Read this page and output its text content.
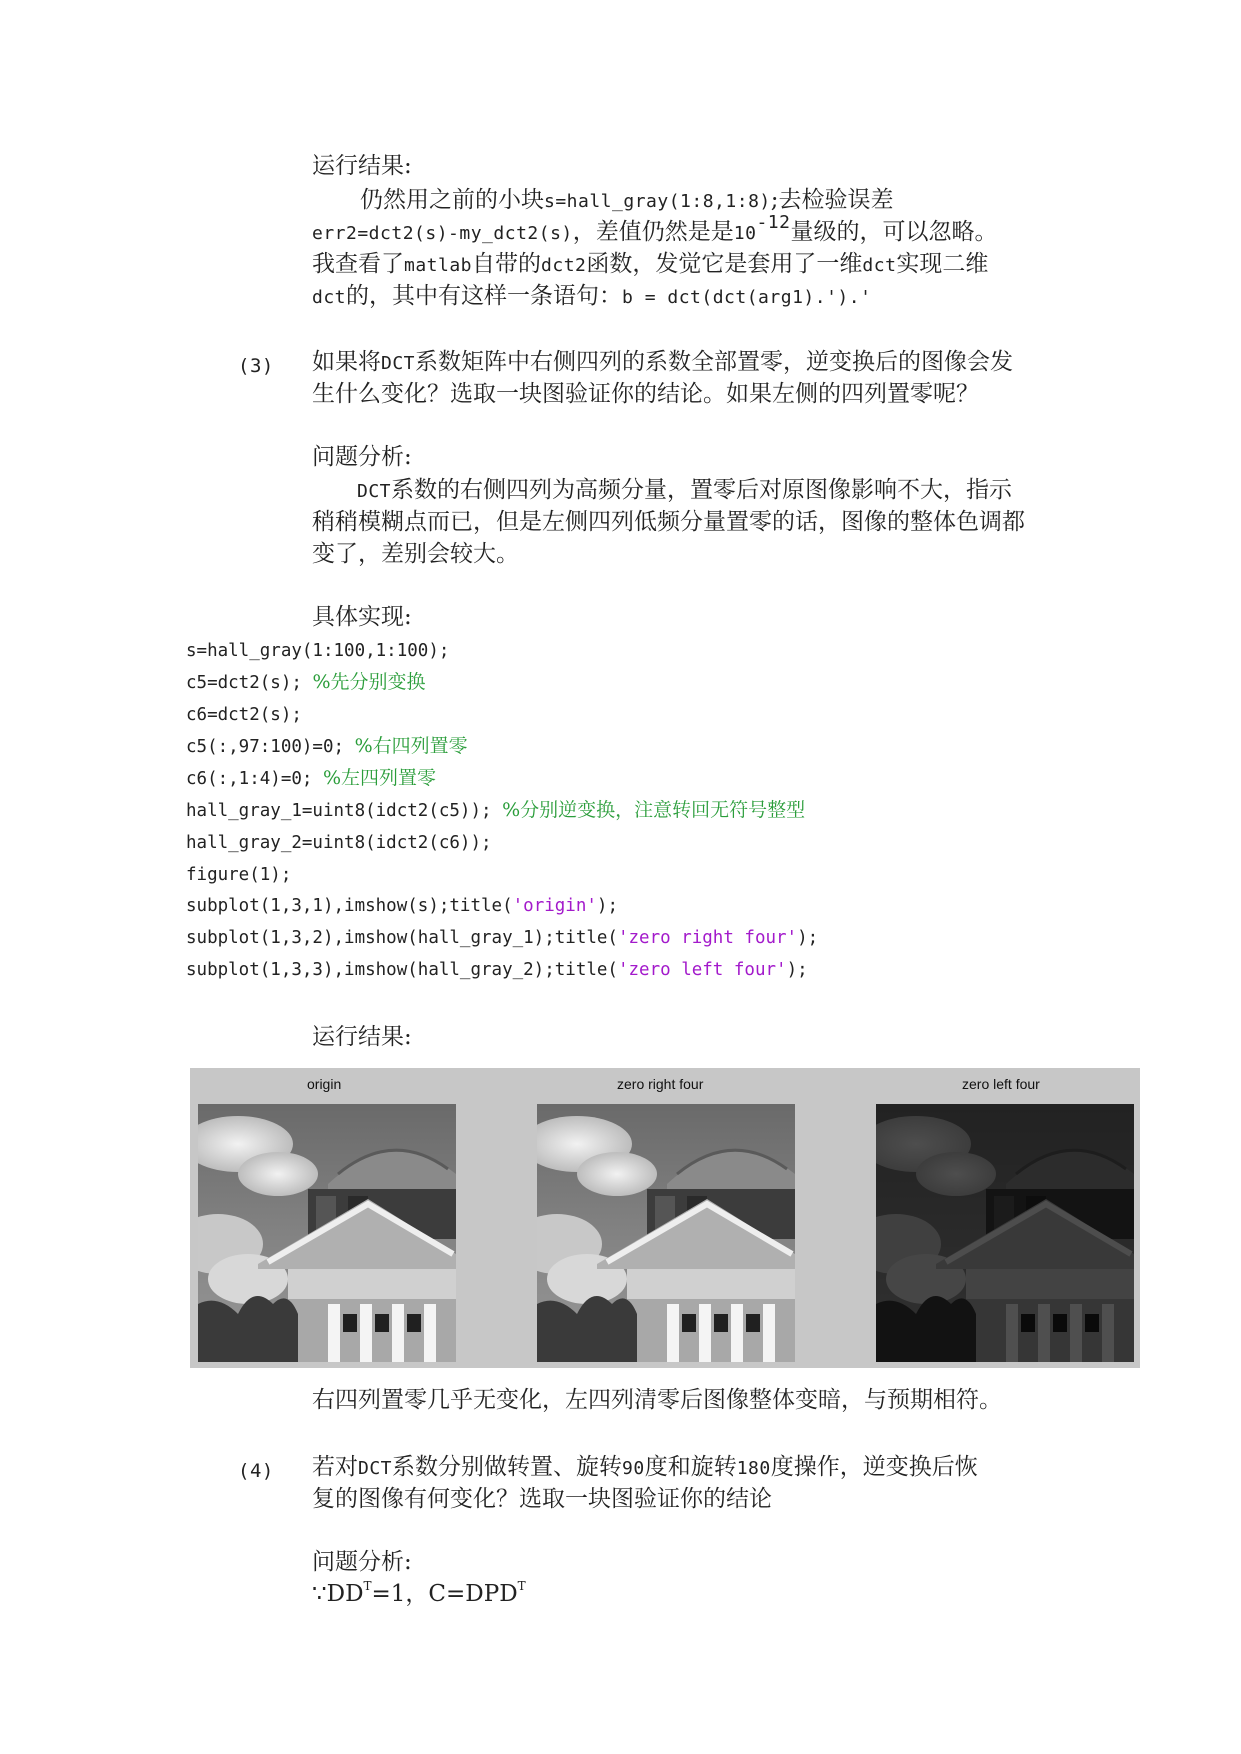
运行结果:
仍然用之前的小块s=hall_gray(1:8,1:8);去检验误差
err2=dct2(s)-my_dct2(s)，差值仍然是是$10^{-12}$量级的，可以忽略。
我查看了matlab自带的dct2函数，发觉它是套用了一维dct实现二维
dct的，其中有这样一条语句：b = dct(dct(arg1).').'
(3) 如果将DCT系数矩阵中右侧四列的系数全部置零，逆变换后的图像会发
生什么变化？选取一块图验证你的结论。如果左侧的四列置零呢？
问题分析:
DCT系数的右侧四列为高频分量，置零后对原图像影响不大，指示
稍稍模糊点而已，但是左侧四列低频分量置零的话，图像的整体色调都
变了，差别会较大。
具体实现:
s=hall_gray(1:100,1:100);
c5=dct2(s); %先分别变换
c6=dct2(s);
c5(:,97:100)=0; %右四列置零
c6(:,1:4)=0; %左四列置零
hall_gray_1=uint8(idct2(c5)); %分别逆变换，注意转回无符号整型
hall_gray_2=uint8(idct2(c6));
figure(1);
subplot(1,3,1),imshow(s);title('origin');
subplot(1,3,2),imshow(hall_gray_1);title('zero right four');
subplot(1,3,3),imshow(hall_gray_2);title('zero left four');
运行结果:
origin	zero right four	zero left four
右四列置零几乎无变化，左四列清零后图像整体变暗，与预期相符。
(4) 若对DCT系数分别做转置、旋转90度和旋转180度操作，逆变换后恢
复的图像有何变化？选取一块图验证你的结论
问题分析:
$\because DD^T=1$，$C=DPD^T$
